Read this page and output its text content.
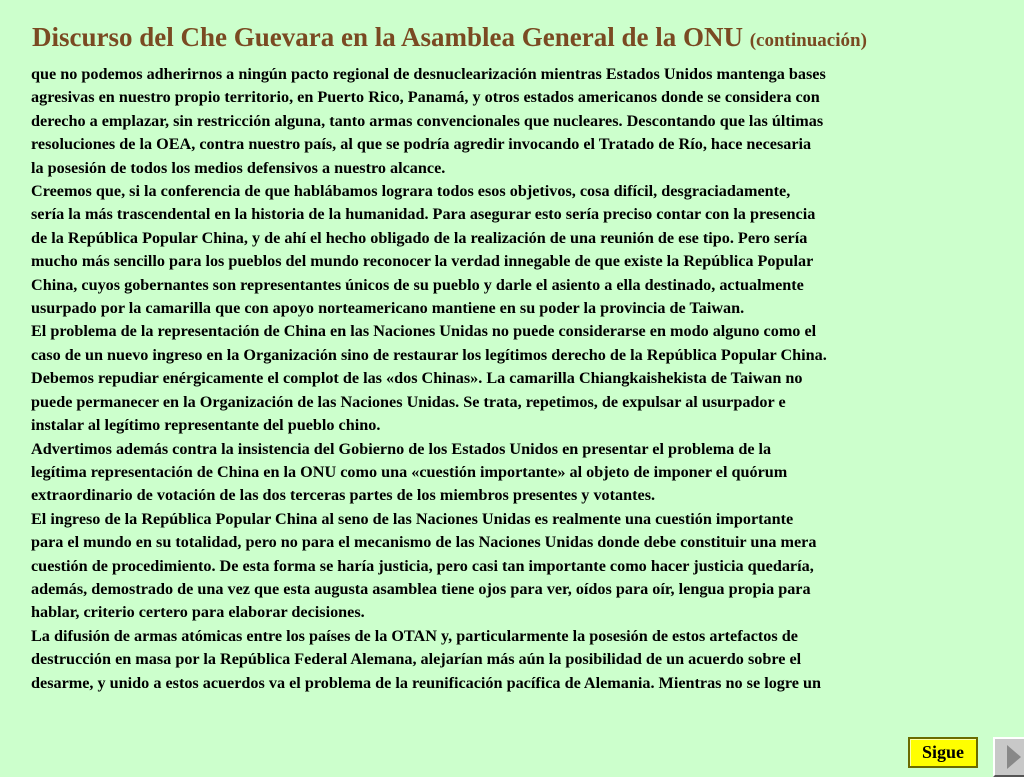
Discurso del Che Guevara en la Asamblea General de la ONU (continuación)
que no podemos adherirnos a ningún pacto regional de desnuclearización mientras Estados Unidos mantenga bases
agresivas en nuestro propio territorio, en Puerto Rico, Panamá, y otros estados americanos donde se considera con
derecho a emplazar, sin restricción alguna, tanto armas convencionales que nucleares. Descontando que las últimas
resoluciones de la OEA, contra nuestro país, al que se podría agredir invocando el Tratado de Río, hace necesaria
la posesión de todos los medios defensivos a nuestro alcance.
Creemos que, si la conferencia de que hablábamos lograra todos esos objetivos, cosa difícil, desgraciadamente,
sería la más trascendental en la historia de la humanidad. Para asegurar esto sería preciso contar con la presencia
de la República Popular China, y de ahí el hecho obligado de la realización de una reunión de ese tipo. Pero sería
mucho más sencillo para los pueblos del mundo reconocer la verdad innegable de que existe la República Popular
China, cuyos gobernantes son representantes únicos de su pueblo y darle el asiento a ella destinado, actualmente
usurpado por la camarilla que con apoyo norteamericano mantiene en su poder la provincia de Taiwan.
El problema de la representación de China en las Naciones Unidas no puede considerarse en modo alguno como el
caso de un nuevo ingreso en la Organización sino de restaurar los legítimos derecho de la República Popular China.
Debemos repudiar enérgicamente el complot de las «dos Chinas». La camarilla Chiangkaishekista de Taiwan no
puede permanecer en la Organización de las Naciones Unidas. Se trata, repetimos, de expulsar al usurpador e
instalar al legítimo representante del pueblo chino.
Advertimos además contra la insistencia del Gobierno de los Estados Unidos en presentar el problema de la
legítima representación de China en la ONU como una «cuestión importante» al objeto de imponer el quórum
extraordinario de votación de las dos terceras partes de los miembros presentes y votantes.
El ingreso de la República Popular China al seno de las Naciones Unidas es realmente una cuestión importante
para el mundo en su totalidad, pero no para el mecanismo de las Naciones Unidas donde debe constituir una mera
cuestión de procedimiento. De esta forma se haría justicia, pero casi tan importante como hacer justicia quedaría,
además, demostrado de una vez que esta augusta asamblea tiene ojos para ver, oídos para oír, lengua propia para
hablar, criterio certero para elaborar decisiones.
La difusión de armas atómicas entre los países de la OTAN y, particularmente la posesión de estos artefactos de
destrucción en masa por la República Federal Alemana, alejarían más aún la posibilidad de un acuerdo sobre el
desarme, y unido a estos acuerdos va el problema de la reunificación pacífica de Alemania. Mientras no se logre un
Sigue
